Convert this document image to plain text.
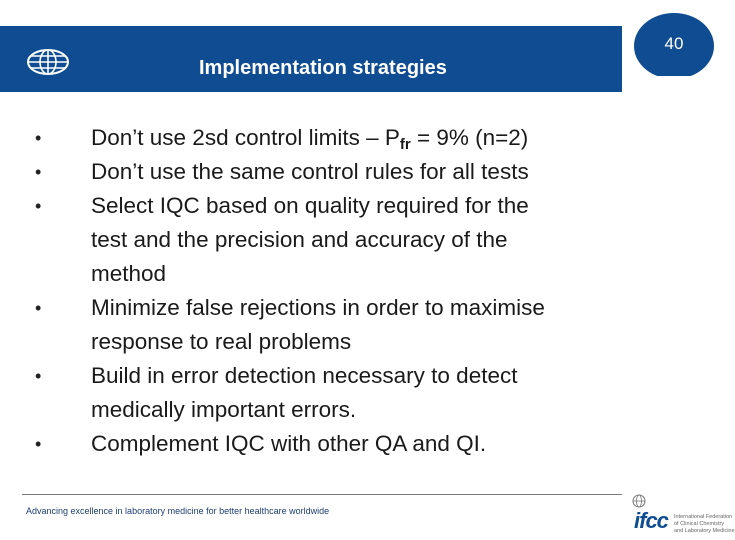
Implementation strategies
40
• Don’t use 2sd control limits – $P_{fr} = 9\%$ (n=2)
• Don’t use the same control rules for all tests
• Select IQC based on quality required for the
test and the precision and accuracy of the
method
• Minimize false rejections in order to maximise
response to real problems
• Build in error detection necessary to detect
medically important errors.
• Complement IQC with other QA and QI.
Advancing excellence in laboratory medicine for better healthcare worldwide	ifcc International Federation
of Clinical Chemistry
and Laboratory Medicine
